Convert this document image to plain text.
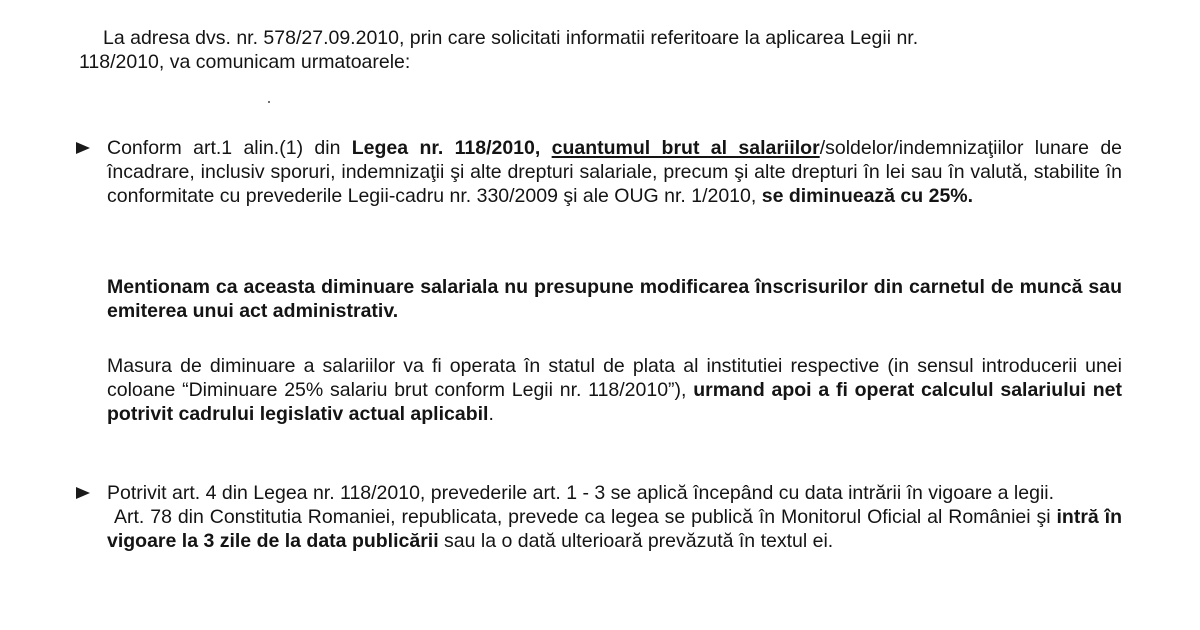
La adresa dvs. nr. 578/27.09.2010, prin care solicitati informatii referitoare la aplicarea Legii nr.
118/2010, va comunicam urmatoarele:
Conform art.1 alin.(1) din Legea nr. 118/2010, cuantumul brut al salariilor/soldelor/indemnizaţiilor lunare de încadrare, inclusiv sporuri, indemnizaţii şi alte drepturi salariale, precum şi alte drepturi în lei sau în valută, stabilite în conformitate cu prevederile Legii-cadru nr. 330/2009 şi ale OUG nr. 1/2010, se diminuează cu 25%.
Mentionam ca aceasta diminuare salariala nu presupune modificarea înscrisurilor din carnetul de muncă sau emiterea unui act administrativ.
Masura de diminuare a salariilor va fi operata în statul de plata al institutiei respective (in sensul introducerii unei coloane “Diminuare 25% salariu brut conform Legii nr. 118/2010”), urmand apoi a fi operat calculul salariului net potrivit cadrului legislativ actual aplicabil.
Potrivit art. 4 din Legea nr. 118/2010, prevederile art. 1 - 3 se aplică începând cu data intrării în vigoare a legii.
Art. 78 din Constitutia Romaniei, republicata, prevede ca legea se publică în Monitorul Oficial al României şi intră în vigoare la 3 zile de la data publicării sau la o dată ulterioară prevăzută în textul ei.
